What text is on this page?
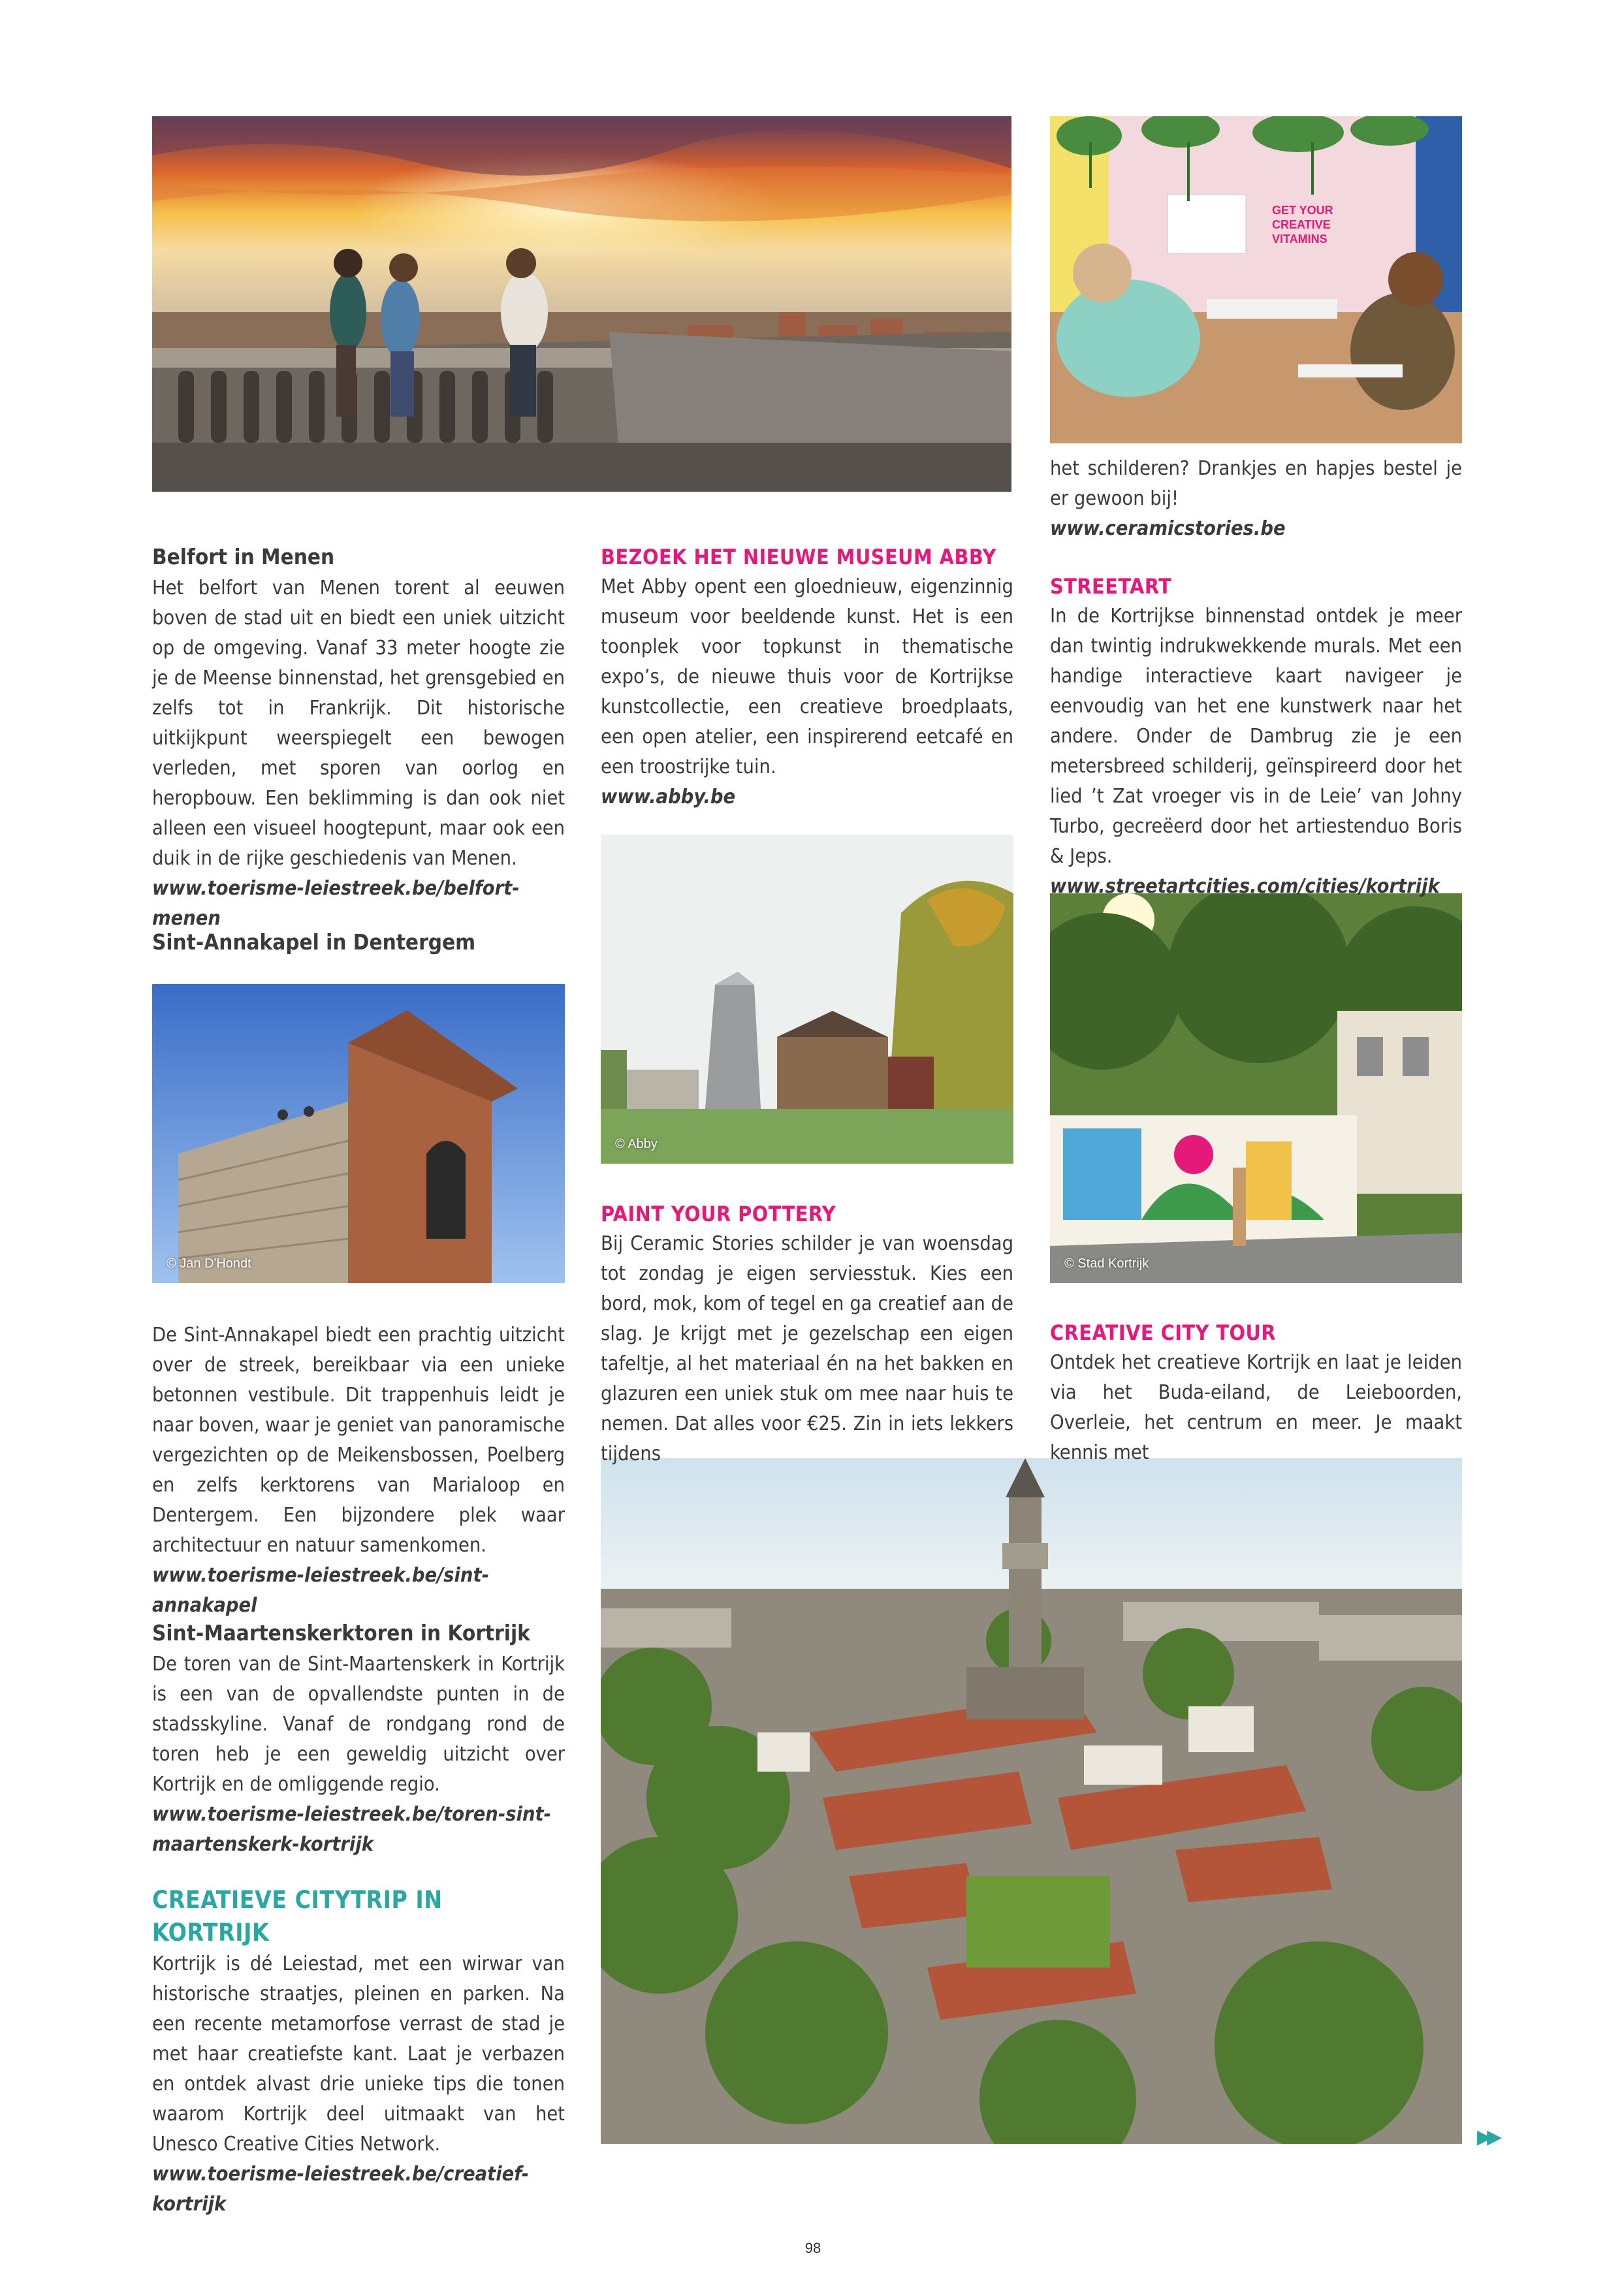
GET YOUR
CREATIVE
VITAMINS
© Jan D'Hondt
© Abby
© Stad Kortrijk

Belfort in Menen

Het belfort van Menen torent al eeuwen boven de stad uit en biedt een uniek uitzicht op de omgeving. Vanaf 33 meter hoogte zie je de Meense binnenstad, het grensgebied en zelfs tot in Frankrijk. Dit historische uitkijkpunt weerspiegelt een bewogen verleden, met sporen van oorlog en heropbouw. Een beklimming is dan ook niet alleen een visueel hoogtepunt, maar ook een duik in de rijke geschiedenis van Menen.

www.toerisme-leiestreek.be/belfort-menen

Sint-Annakapel in Dentergem

De Sint-Annakapel biedt een prachtig uitzicht over de streek, bereikbaar via een unieke betonnen vestibule. Dit trappenhuis leidt je naar boven, waar je geniet van panoramische vergezichten op de Meikensbossen, Poelberg en zelfs kerktorens van Marialoop en Dentergem. Een bijzondere plek waar architectuur en natuur samenkomen.

www.toerisme-leiestreek.be/sint-annakapel

Sint-Maartenskerktoren in Kortrijk

De toren van de Sint-Maartenskerk in Kortrijk is een van de opvallendste punten in de stadsskyline. Vanaf de rondgang rond de toren heb je een geweldig uitzicht over Kortrijk en de omliggende regio.

www.toerisme-leiestreek.be/toren-sint-
maartenskerk-kortrijk

CREATIEVE CITYTRIP IN KORTRIJK

Kortrijk is dé Leiestad, met een wirwar van historische straatjes, pleinen en parken. Na een recente metamorfose verrast de stad je met haar creatiefste kant. Laat je verbazen en ontdek alvast drie unieke tips die tonen waarom Kortrijk deel uitmaakt van het Unesco Creative Cities Network.

www.toerisme-leiestreek.be/creatief-kortrijk

BEZOEK HET NIEUWE MUSEUM ABBY

Met Abby opent een gloednieuw, eigenzinnig museum voor beeldende kunst. Het is een toonplek voor topkunst in thematische expo’s, de nieuwe thuis voor de Kortrijkse kunstcollectie, een creatieve broedplaats, een open atelier, een inspirerend eetcafé en een troostrijke tuin.

www.abby.be

PAINT YOUR POTTERY

Bij Ceramic Stories schilder je van woensdag tot zondag je eigen serviesstuk. Kies een bord, mok, kom of tegel en ga creatief aan de slag. Je krijgt met je gezelschap een eigen tafeltje, al het materiaal én na het bakken en glazuren een uniek stuk om mee naar huis te nemen. Dat alles voor €25. Zin in iets lekkers tijdens

het schilderen? Drankjes en hapjes bestel je er gewoon bij!

www.ceramicstories.be

STREETART

In de Kortrijkse binnenstad ontdek je meer dan twintig indrukwekkende murals. Met een handige interactieve kaart navigeer je eenvoudig van het ene kunstwerk naar het andere. Onder de Dambrug zie je een metersbreed schilderij, geïnspireerd door het lied ’t Zat vroeger vis in de Leie’ van Johny Turbo, gecreëerd door het artiestenduo Boris & Jeps.

www.streetartcities.com/cities/kortrijk

CREATIVE CITY TOUR

Ontdek het creatieve Kortrijk en laat je leiden via het Buda-eiland, de Leieboorden, Overleie, het centrum en meer. Je maakt kennis met

▶▶
98
